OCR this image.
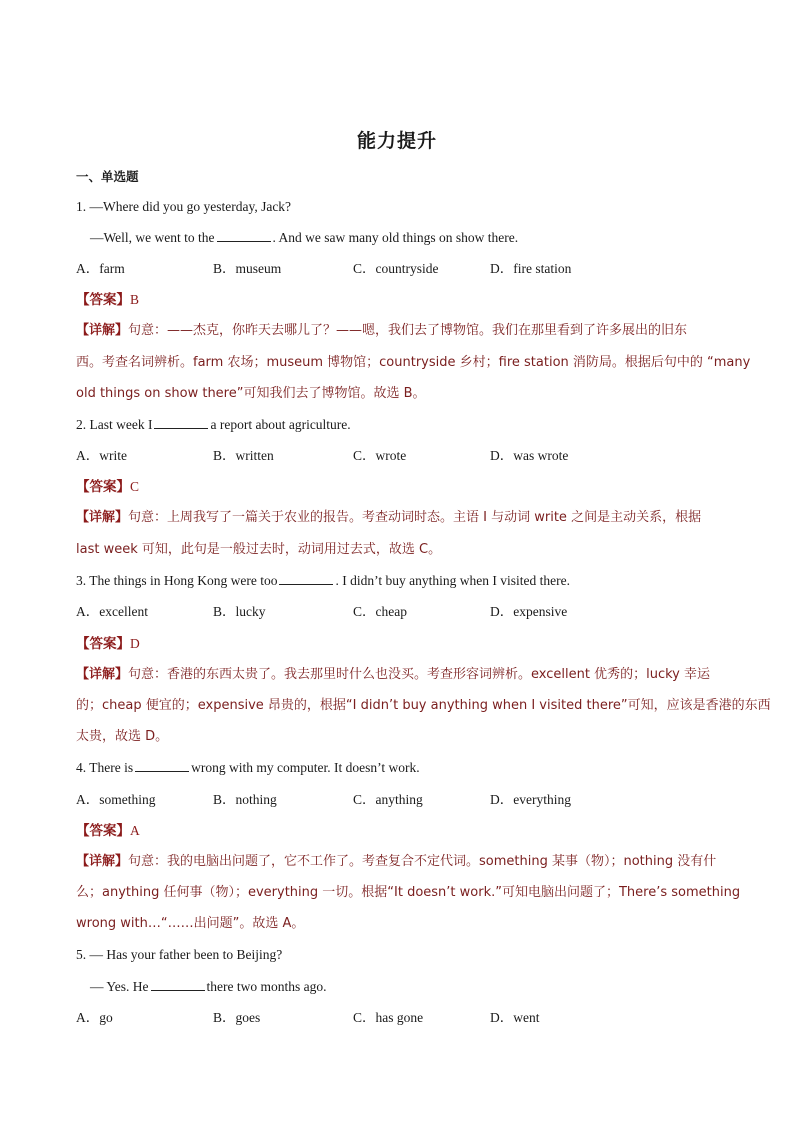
能力提升
一、单选题
1. —Where did you go yesterday, Jack?
—Well, we went to the	. And we saw many old things on show there.
A．farm	B．museum	C．countryside	D．fire station
【答案】B
【详解】句意：——杰克，你昨天去哪儿了？——嗯，我们去了博物馆。我们在那里看到了许多展出的旧东
西。考查名词辨析。farm 农场；museum 博物馆；countryside 乡村；fire station 消防局。根据后句中的 “many
old things on show there”可知我们去了博物馆。故选 B。
2. Last week I	a report about agriculture.
A．write	B．written	C．wrote	D．was wrote
【答案】C
【详解】句意：上周我写了一篇关于农业的报告。考查动词时态。主语 I 与动词 write 之间是主动关系，根据
last week 可知，此句是一般过去时，动词用过去式，故选 C。
3. The things in Hong Kong were too	. I didn’t buy anything when I visited there.
A．excellent	B．lucky	C．cheap	D．expensive
【答案】D
【详解】句意：香港的东西太贵了。我去那里时什么也没买。考查形容词辨析。excellent 优秀的；lucky 幸运
的；cheap 便宜的；expensive 昂贵的，根据“I didn’t buy anything when I visited there”可知，应该是香港的东西
太贵，故选 D。
4. There is	wrong with my computer. It doesn’t work.
A．something	B．nothing	C．anything	D．everything
【答案】A
【详解】句意：我的电脑出问题了，它不工作了。考查复合不定代词。something 某事（物）；nothing 没有什
么；anything 任何事（物）；everything 一切。根据“It doesn’t work.”可知电脑出问题了；There’s something
wrong with…“……出问题”。故选 A。
5. — Has your father been to Beijing?
— Yes. He	there two months ago.
A．go	B．goes	C．has gone	D．went
